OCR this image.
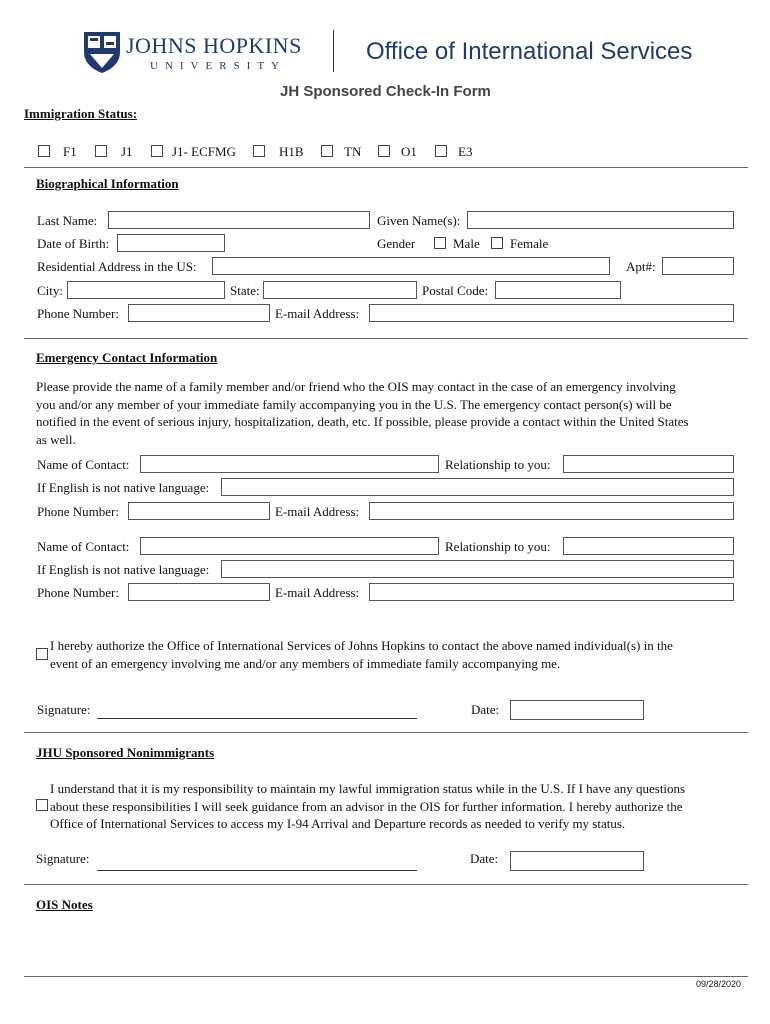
JOHNS HOPKINS
UNIVERSITY
Office of International Services
JH Sponsored Check-In Form
Immigration Status:
F1	J1	J1- ECFMG	H1B	TN	O1	E3
Biographical Information
Last Name:	Given Name(s):
Date of Birth:	Gender	Male Female
Residential Address in the US:	Apt#:
City:	State:	Postal Code:
Phone Number:	E-mail Address:
Emergency Contact Information
Please provide the name of a family member and/or friend who the OIS may contact in the case of an emergency involving
you and/or any member of your immediate family accompanying you in the U.S. The emergency contact person(s) will be
notified in the event of serious injury, hospitalization, death, etc. If possible, please provide a contact within the United States
as well.
Name of Contact:	Relationship to you:
If English is not native language:
Phone Number:	E-mail Address:
Name of Contact:	Relationship to you:
If English is not native language:
Phone Number:	E-mail Address:
I hereby authorize the Office of International Services of Johns Hopkins to contact the above named individual(s) in the
event of an emergency involving me and/or any members of immediate family accompanying me.
Signature:	Date:
JHU Sponsored Nonimmigrants
I understand that it is my responsibility to maintain my lawful immigration status while in the U.S. If I have any questions
about these responsibilities I will seek guidance from an advisor in the OIS for further information. I hereby authorize the
Office of International Services to access my I-94 Arrival and Departure records as needed to verify my status.
Signature:	Date:
OIS Notes
09/28/2020
